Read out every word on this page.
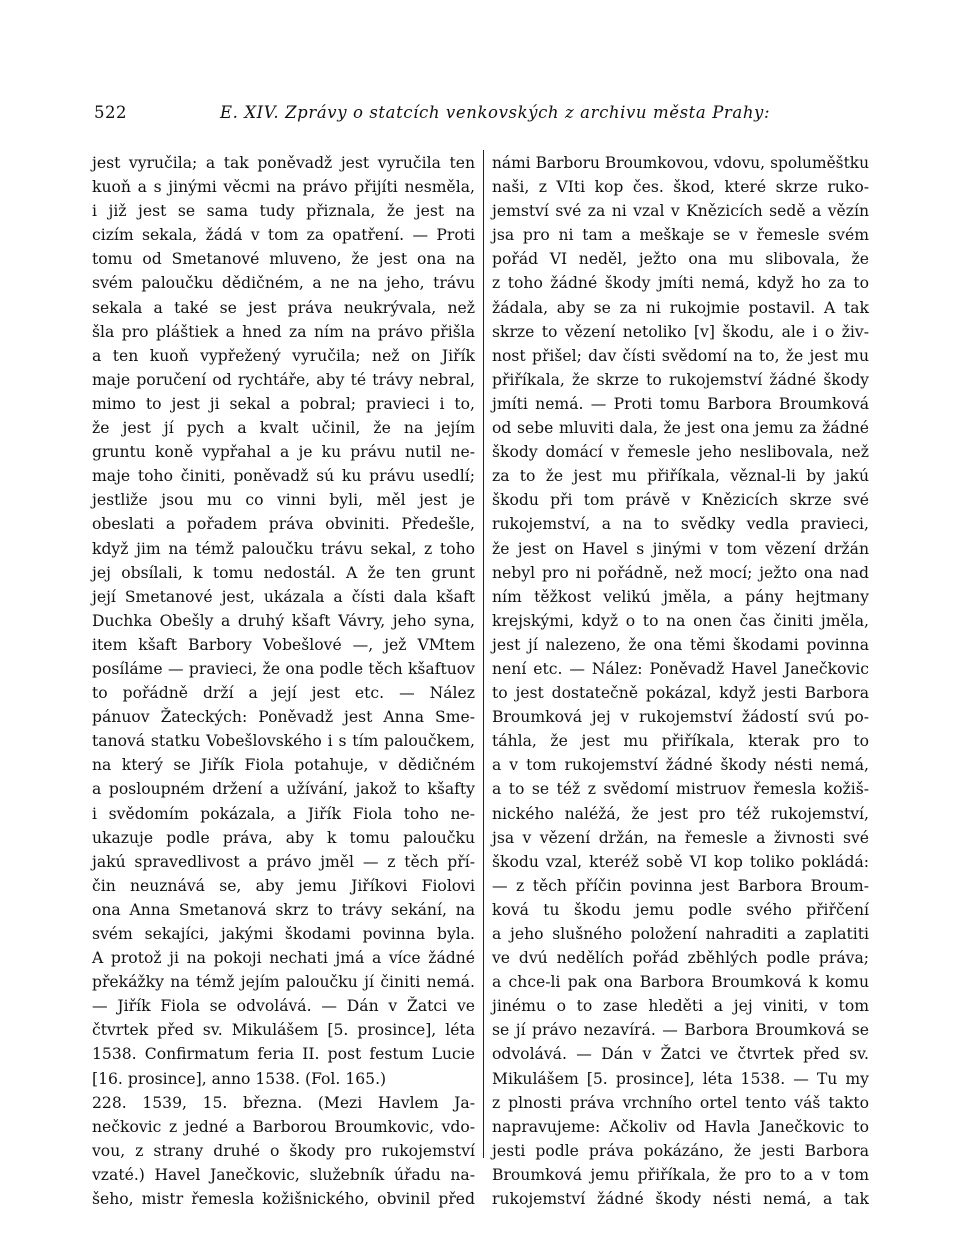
522	E. XIV. Zprávy o statcích venkovských z archivu města Prahy:
jest vyručila; a tak poněvadž jest vyručila ten
kuoň a s jinými věcmi na právo přijíti nesměla,
i již jest se sama tudy přiznala, že jest na
cizím sekala, žádá v tom za opatření. — Proti
tomu od Smetanové mluveno, že jest ona na
svém paloučku dědičném, a ne na jeho, trávu
sekala a také se jest práva neukrývala, než
šla pro pláštiek a hned za ním na právo přišla
a ten kuoň vypřežený vyručila; než on Jiřík
maje poručení od rychtáře, aby té trávy nebral,
mimo to jest ji sekal a pobral; pravieci i to,
že jest jí pych a kvalt učinil, že na jejím
gruntu koně vypřahal a je ku právu nutil ne-
maje toho činiti, poněvadž sú ku právu usedlí;
jestliže jsou mu co vinni byli, měl jest je
obeslati a pořadem práva obviniti. Předešle,
když jim na témž paloučku trávu sekal, z toho
jej obsílali, k tomu nedostál. A že ten grunt
její Smetanové jest, ukázala a čísti dala kšaft
Duchka Obešly a druhý kšaft Vávry, jeho syna,
item kšaft Barbory Vobešlové —, jež VMtem
posíláme — pravieci, že ona podle těch kšaftuov
to pořádně drží a její jest etc. — Nález
pánuov Žateckých: Poněvadž jest Anna Sme-
tanová statku Vobešlovského i s tím paloučkem,
na který se Jiřík Fiola potahuje, v dědičném
a posloupném držení a užívání, jakož to kšafty
i svědomím pokázala, a Jiřík Fiola toho ne-
ukazuje podle práva, aby k tomu paloučku
jakú spravedlivost a právo jměl — z těch pří-
čin neuznává se, aby jemu Jiříkovi Fiolovi
ona Anna Smetanová skrz to trávy sekání, na
svém sekajíci, jakými škodami povinna byla.
A protož ji na pokoji nechati jmá a více žádné
překážky na témž jejím paloučku jí činiti nemá.
— Jiřík Fiola se odvolává. — Dán v Žatci ve
čtvrtek před sv. Mikulášem [5. prosince], léta
1538. Confirmatum feria II. post festum Lucie
[16. prosince], anno 1538. (Fol. 165.)
228. 1539, 15. března. (Mezi Havlem Ja-
nečkovic z jedné a Barborou Broumkovic, vdo-
vou, z strany druhé o škody pro rukojemství
vzaté.) Havel Janečkovic, služebník úřadu na-
šeho, mistr řemesla kožišnického, obvinil před
námi Barboru Broumkovou, vdovu, spoluměštku
naši, z VIti kop čes. škod, které skrze ruko-
jemství své za ni vzal v Knězicích sedě a vězín
jsa pro ni tam a meškaje se v řemesle svém
pořád VI neděl, ježto ona mu slibovala, že
z toho žádné škody jmíti nemá, když ho za to
žádala, aby se za ni rukojmie postavil. A tak
skrze to vězení netoliko [v] škodu, ale i o živ-
nost přišel; dav čísti svědomí na to, že jest mu
přiříkala, že skrze to rukojemství žádné škody
jmíti nemá. — Proti tomu Barbora Broumková
od sebe mluviti dala, že jest ona jemu za žádné
škody domácí v řemesle jeho neslibovala, než
za to že jest mu přiříkala, věznal-li by jakú
škodu při tom právě v Knězicích skrze své
rukojemství, a na to svědky vedla pravieci,
že jest on Havel s jinými v tom vězení držán
nebyl pro ni pořádně, než mocí; ježto ona nad
ním těžkost velikú jměla, a pány hejtmany
krejskými, když o to na onen čas činiti jměla,
jest jí nalezeno, že ona těmi škodami povinna
není etc. — Nález: Poněvadž Havel Janečkovic
to jest dostatečně pokázal, když jesti Barbora
Broumková jej v rukojemství žádostí svú po-
táhla, že jest mu přiříkala, kterak pro to
a v tom rukojemství žádné škody nésti nemá,
a to se též z svědomí mistruov řemesla kožiš-
nického naléžá, že jest pro též rukojemství,
jsa v vězení držán, na řemesle a živnosti své
škodu vzal, kteréž sobě VI kop toliko pokládá:
— z těch příčin povinna jest Barbora Broum-
ková tu škodu jemu podle svého přiřčení
a jeho slušného položení nahraditi a zaplatiti
ve dvú nedělích pořád zběhlých podle práva;
a chce-li pak ona Barbora Broumková k komu
jinému o to zase hleděti a jej viniti, v tom
se jí právo nezavírá. — Barbora Broumková se
odvolává. — Dán v Žatci ve čtvrtek před sv.
Mikulášem [5. prosince], léta 1538. — Tu my
z plnosti práva vrchního ortel tento váš takto
napravujeme: Ačkoliv od Havla Janečkovic to
jesti podle práva pokázáno, že jesti Barbora
Broumková jemu přiříkala, že pro to a v tom
rukojemství žádné škody nésti nemá, a tak
